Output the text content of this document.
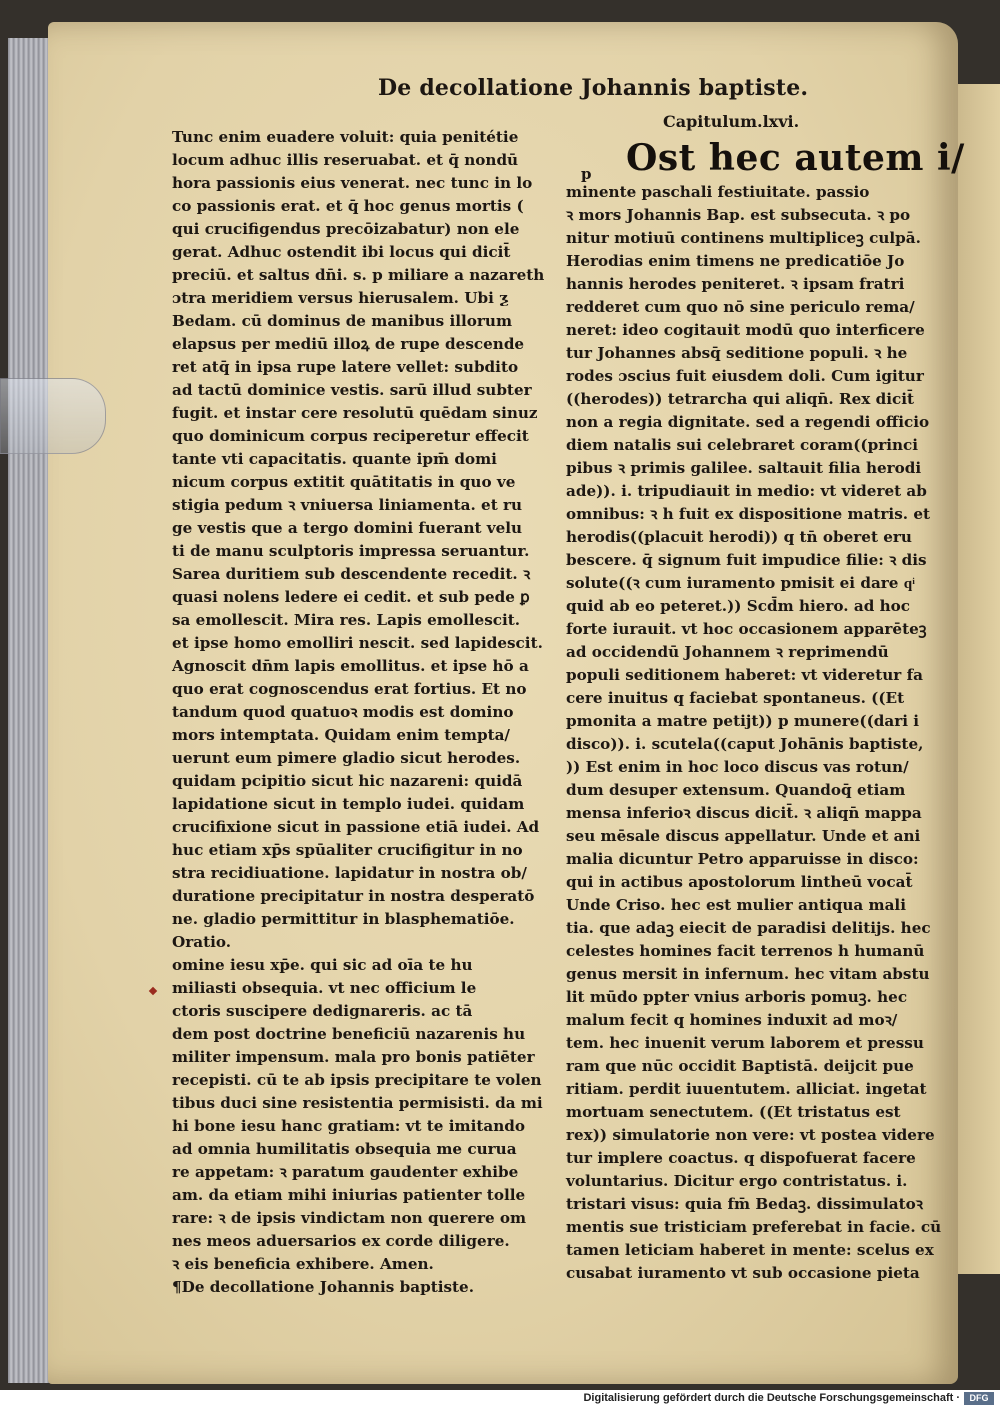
De decollatione Johannis baptiste.
Tunc enim euadere voluit: quia penitétie
locum adhuc illis reseruabat. et q̄ nondū
hora passionis eius venerat. nec tunc in lo
co passionis erat. et q̄ hoc genus mortis (
qui crucifigendus precōizabatur) non ele
gerat. Adhuc ostendit ibi locus qui dicit̄
preciū. et saltus dn̄i. s. p miliare a nazareth
ɔtra meridiem versus hierusalem. Ubi ƺ
Bedam. cū dominus de manibus illorum
elapsus per mediū illoꝝ de rupe descende
ret atq̄ in ipsa rupe latere vellet: subdito
ad tactū dominice vestis. sarū illud subter
fugit. et instar cere resolutū quēdam sinuz
quo dominicum corpus reciperetur effecit
tante vti capacitatis. quante ipm̄ domi
nicum corpus extitit quātitatis in quo ve
stigia pedum ꝛ vniuersa liniamenta. et ru
ge vestis que a tergo domini fuerant velu
ti de manu sculptoris impressa seruantur.
Sarea duritiem sub descendente recedit. ꝛ
quasi nolens ledere ei cedit. et sub pede ꝑ
sa emollescit. Mira res. Lapis emollescit.
et ipse homo emolliri nescit. sed lapidescit.
Agnoscit dn̄m lapis emollitus. et ipse hō a
quo erat cognoscendus erat fortius. Et no
tandum quod quatuoꝛ modis est domino
mors intemptata. Quidam enim tempta/
uerunt eum pimere gladio sicut herodes.
quidam pcipitio sicut hic nazareni: quidā
lapidatione sicut in templo iudei. quidam
crucifixione sicut in passione etiā iudei. Ad
huc etiam xp̄s spūaliter crucifigitur in no
stra recidiuatione. lapidatur in nostra ob/
duratione precipitatur in nostra desperatō
ne. gladio permittitur in blasphematiōe.
Oratio.
omine iesu xp̄e. qui sic ad oīa te hu
miliasti obsequia. vt nec officium le
ctoris suscipere dedignareris. ac tā
dem post doctrine beneficiū nazarenis hu
militer impensum. mala pro bonis patiēter
recepisti. cū te ab ipsis precipitare te volen
tibus duci sine resistentia permisisti. da mi
hi bone iesu hanc gratiam: vt te imitando
ad omnia humilitatis obsequia me curua
re appetam: ꝛ paratum gaudenter exhibe
am. da etiam mihi iniurias patienter tolle
rare: ꝛ de ipsis vindictam non querere om
nes meos aduersarios ex corde diligere.
ꝛ eis beneficia exhibere. Amen.
¶De decollatione Johannis baptiste.
Capitulum.lxvi.
Ost hec autem i/
p
minente paschali festiuitate. passio
ꝛ mors Johannis Bap. est subsecuta. ꝛ po
nitur motiuū continens multipliceꝫ culpā.
Herodias enim timens ne predicatiōe Jo
hannis herodes peniteret. ꝛ ipsam fratri
redderet cum quo nō sine periculo rema/
neret: ideo cogitauit modū quo interficere
tur Johannes absq̄ seditione populi. ꝛ he
rodes ɔscius fuit eiusdem doli. Cum igitur
((herodes)) tetrarcha qui aliqn̄. Rex dicit̄
non a regia dignitate. sed a regendi officio
diem natalis sui celebraret coram((princi
pibus ꝛ primis galilee. saltauit filia herodi
ade)). i. tripudiauit in medio: vt videret ab
omnibus: ꝛ h fuit ex dispositione matris. et
herodis((placuit herodi)) q tn̄ oberet eru
bescere. q̄ signum fuit impudice filie: ꝛ dis
solute((ꝛ cum iuramento pmisit ei dare qͥ
quid ab eo peteret.)) Scd̄m hiero. ad hoc
forte iurauit. vt hoc occasionem apparēteꝫ
ad occidendū Johannem ꝛ reprimendū
populi seditionem haberet: vt videretur fa
cere inuitus q faciebat spontaneus. ((Et
pmonita a matre petijt)) p munere((dari i
disco)). i. scutela((caput Johānis baptiste,
)) Est enim in hoc loco discus vas rotun/
dum desuper extensum. Quandoq̄ etiam
mensa inferioꝛ discus dicit̄. ꝛ aliqn̄ mappa
seu mēsale discus appellatur. Unde et ani
malia dicuntur Petro apparuisse in disco:
qui in actibus apostolorum lintheū vocat̄
Unde Criso. hec est mulier antiqua mali
tia. que adaꝫ eiecit de paradisi delitijs. hec
celestes homines facit terrenos h humanū
genus mersit in infernum. hec vitam abstu
lit mūdo ppter vnius arboris pomuꝫ. hec
malum fecit q homines induxit ad moꝛ/
tem. hec inuenit verum laborem et pressu
ram que nūc occidit Baptistā. deijcit pue
ritiam. perdit iuuentutem. alliciat. ingetat
mortuam senectutem. ((Et tristatus est
rex)) simulatorie non vere: vt postea videre
tur implere coactus. q dispofuerat facere
voluntarius. Dicitur ergo contristatus. i.
tristari visus: quia fm̄ Bedaꝫ. dissimulatoꝛ
mentis sue tristiciam preferebat in facie. cū
tamen leticiam haberet in mente: scelus ex
cusabat iuramento vt sub occasione pieta
Digitalisierung gefördert durch die Deutsche Forschungsgemeinschaft ·	DFG
